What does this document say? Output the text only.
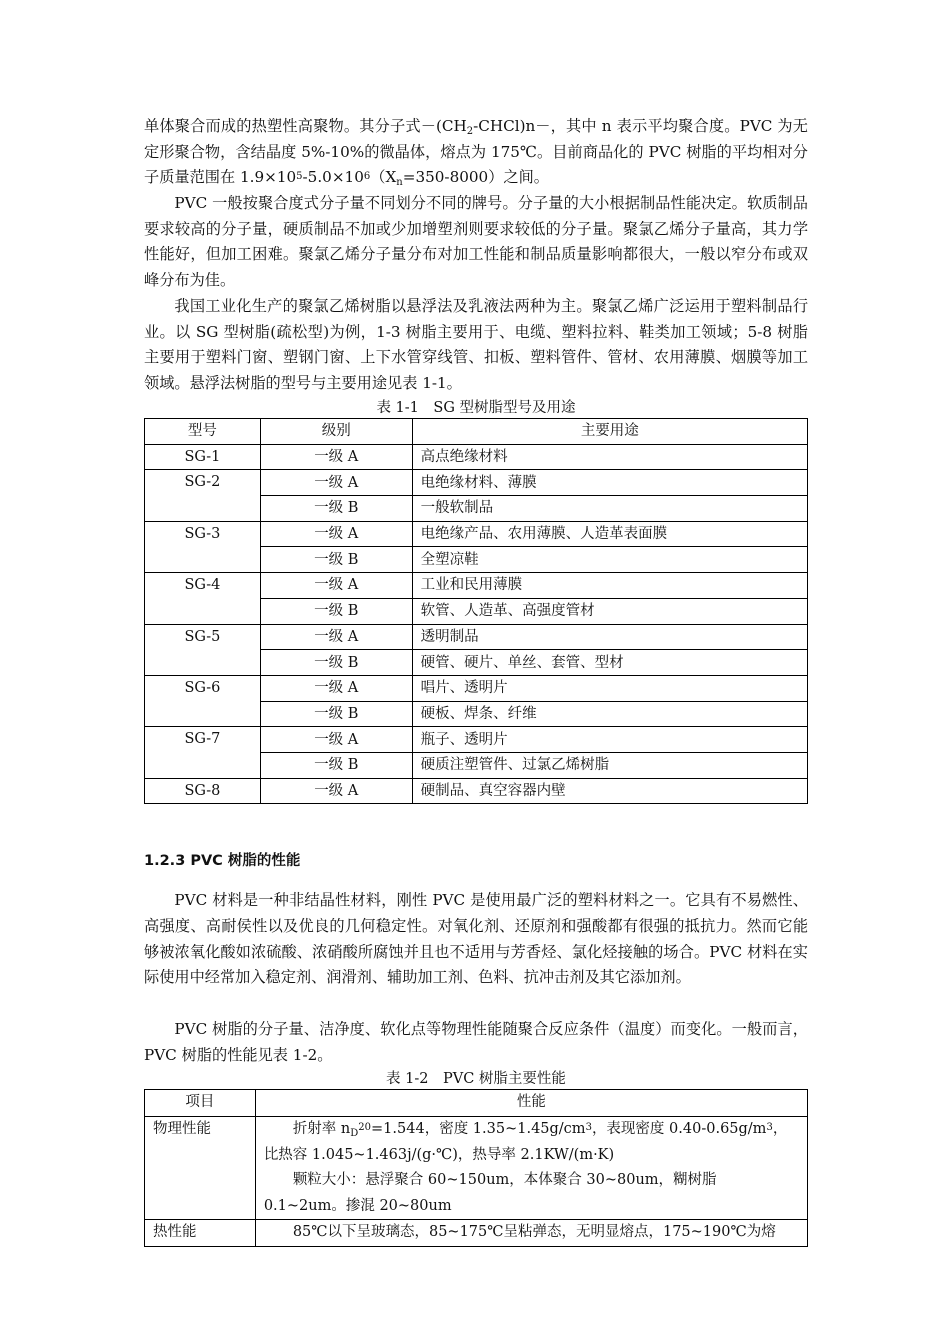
单体聚合而成的热塑性高聚物。其分子式$-(CH_2-CHCl)n-$，其中 n 表示平均聚合度。PVC 为无定形聚合物，含结晶度 5%-10%的微晶体，熔点为 175℃。目前商品化的 PVC 树脂的平均相对分子质量范围在 $1.9\times 10^5-5.0\times 10^6(X_n=350-8000)$之间。

PVC 一般按聚合度式分子量不同划分不同的牌号。分子量的大小根据制品性能决定。软质制品要求较高的分子量，硬质制品不加或少加增塑剂则要求较低的分子量。聚氯乙烯分子量高，其力学性能好，但加工困难。聚氯乙烯分子量分布对加工性能和制品质量影响都很大，一般以窄分布或双峰分布为佳。

我国工业化生产的聚氯乙烯树脂以悬浮法及乳液法两种为主。聚氯乙烯广泛运用于塑料制品行业。以 SG 型树脂(疏松型)为例，1-3 树脂主要用于、电缆、塑料拉料、鞋类加工领域；5-8 树脂主要用于塑料门窗、塑钢门窗、上下水管穿线管、扣板、塑料管件、管材、农用薄膜、烟膜等加工领域。悬浮法树脂的型号与主要用途见表 1-1。

表 1-1　SG 型树脂型号及用途

型号	级别	主要用途
SG-1	一级 A	高点绝缘材料
SG-2	一级 A	电绝缘材料、薄膜
	一级 B	一般软制品
SG-3	一级 A	电绝缘产品、农用薄膜、人造革表面膜
	一级 B	全塑凉鞋
SG-4	一级 A	工业和民用薄膜
	一级 B	软管、人造革、高强度管材
SG-5	一级 A	透明制品
	一级 B	硬管、硬片、单丝、套管、型材
SG-6	一级 A	唱片、透明片
	一级 B	硬板、焊条、纤维
SG-7	一级 A	瓶子、透明片
	一级 B	硬质注塑管件、过氯乙烯树脂
SG-8	一级 A	硬制品、真空容器内壁

1.2.3 PVC 树脂的性能

PVC 材料是一种非结晶性材料，刚性 PVC 是使用最广泛的塑料材料之一。它具有不易燃性、高强度、高耐侯性以及优良的几何稳定性。对氧化剂、还原剂和强酸都有很强的抵抗力。然而它能够被浓氧化酸如浓硫酸、浓硝酸所腐蚀并且也不适用与芳香烃、氯化烃接触的场合。PVC 材料在实际使用中经常加入稳定剂、润滑剂、辅助加工剂、色料、抗冲击剂及其它添加剂。

PVC 树脂的分子量、洁净度、软化点等物理性能随聚合反应条件（温度）而变化。一般而言，PVC 树脂的性能见表 1-2。

表 1-2　PVC 树脂主要性能

项目	性能
物理性能	折射率 $n_D^{20}=1.544$，密度 $1.35\sim 1.45g/cm^3$，表现密度 $0.40-0.65g/m^3$，比热容 1.045~1.463j/(g·℃)，热导率 2.1KW/(m·K)
颗粒大小：悬浮聚合 60~150um，本体聚合 30~80um，糊树脂 0.1~2um。掺混 20~80um

热性能	85℃以下呈玻璃态，85~175℃呈粘弹态，无明显熔点，175~190℃为熔
